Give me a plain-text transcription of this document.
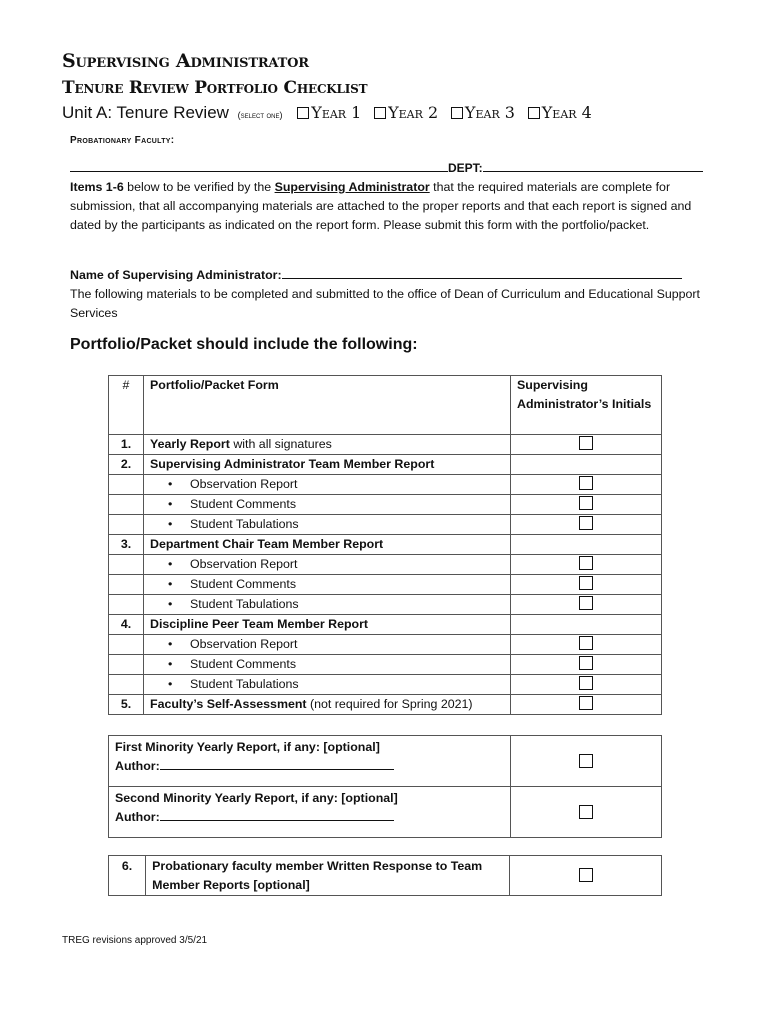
Supervising Administrator
Tenure Review Portfolio Checklist
Unit A: Tenure Review (select one) Year 1 Year 2 Year 3 Year 4
Probationary Faculty:
DEPT:
Items 1-6 below to be verified by the Supervising Administrator that the required materials are complete for submission, that all accompanying materials are attached to the proper reports and that each report is signed and dated by the participants as indicated on the report form. Please submit this form with the portfolio/packet.
Name of Supervising Administrator:
The following materials to be completed and submitted to the office of Dean of Curriculum and Educational Support Services
Portfolio/Packet should include the following:
#	Portfolio/Packet Form	Supervising Administrator’s Initials
1.	Yearly Report with all signatures	
2.	Supervising Administrator Team Member Report	
	• Observation Report	
	• Student Comments	
	• Student Tabulations	
3.	Department Chair Team Member Report	
	• Observation Report	
	• Student Comments	
	• Student Tabulations	
4.	Discipline Peer Team Member Report	
	• Observation Report	
	• Student Comments	
	• Student Tabulations	
5.	Faculty’s Self-Assessment (not required for Spring 2021)	
First Minority Yearly Report, if any: [optional]
Author:	

Second Minority Yearly Report, if any: [optional]
Author:	

6.	Probationary faculty member Written Response to Team Member Reports [optional]	
TREG revisions approved 3/5/21
